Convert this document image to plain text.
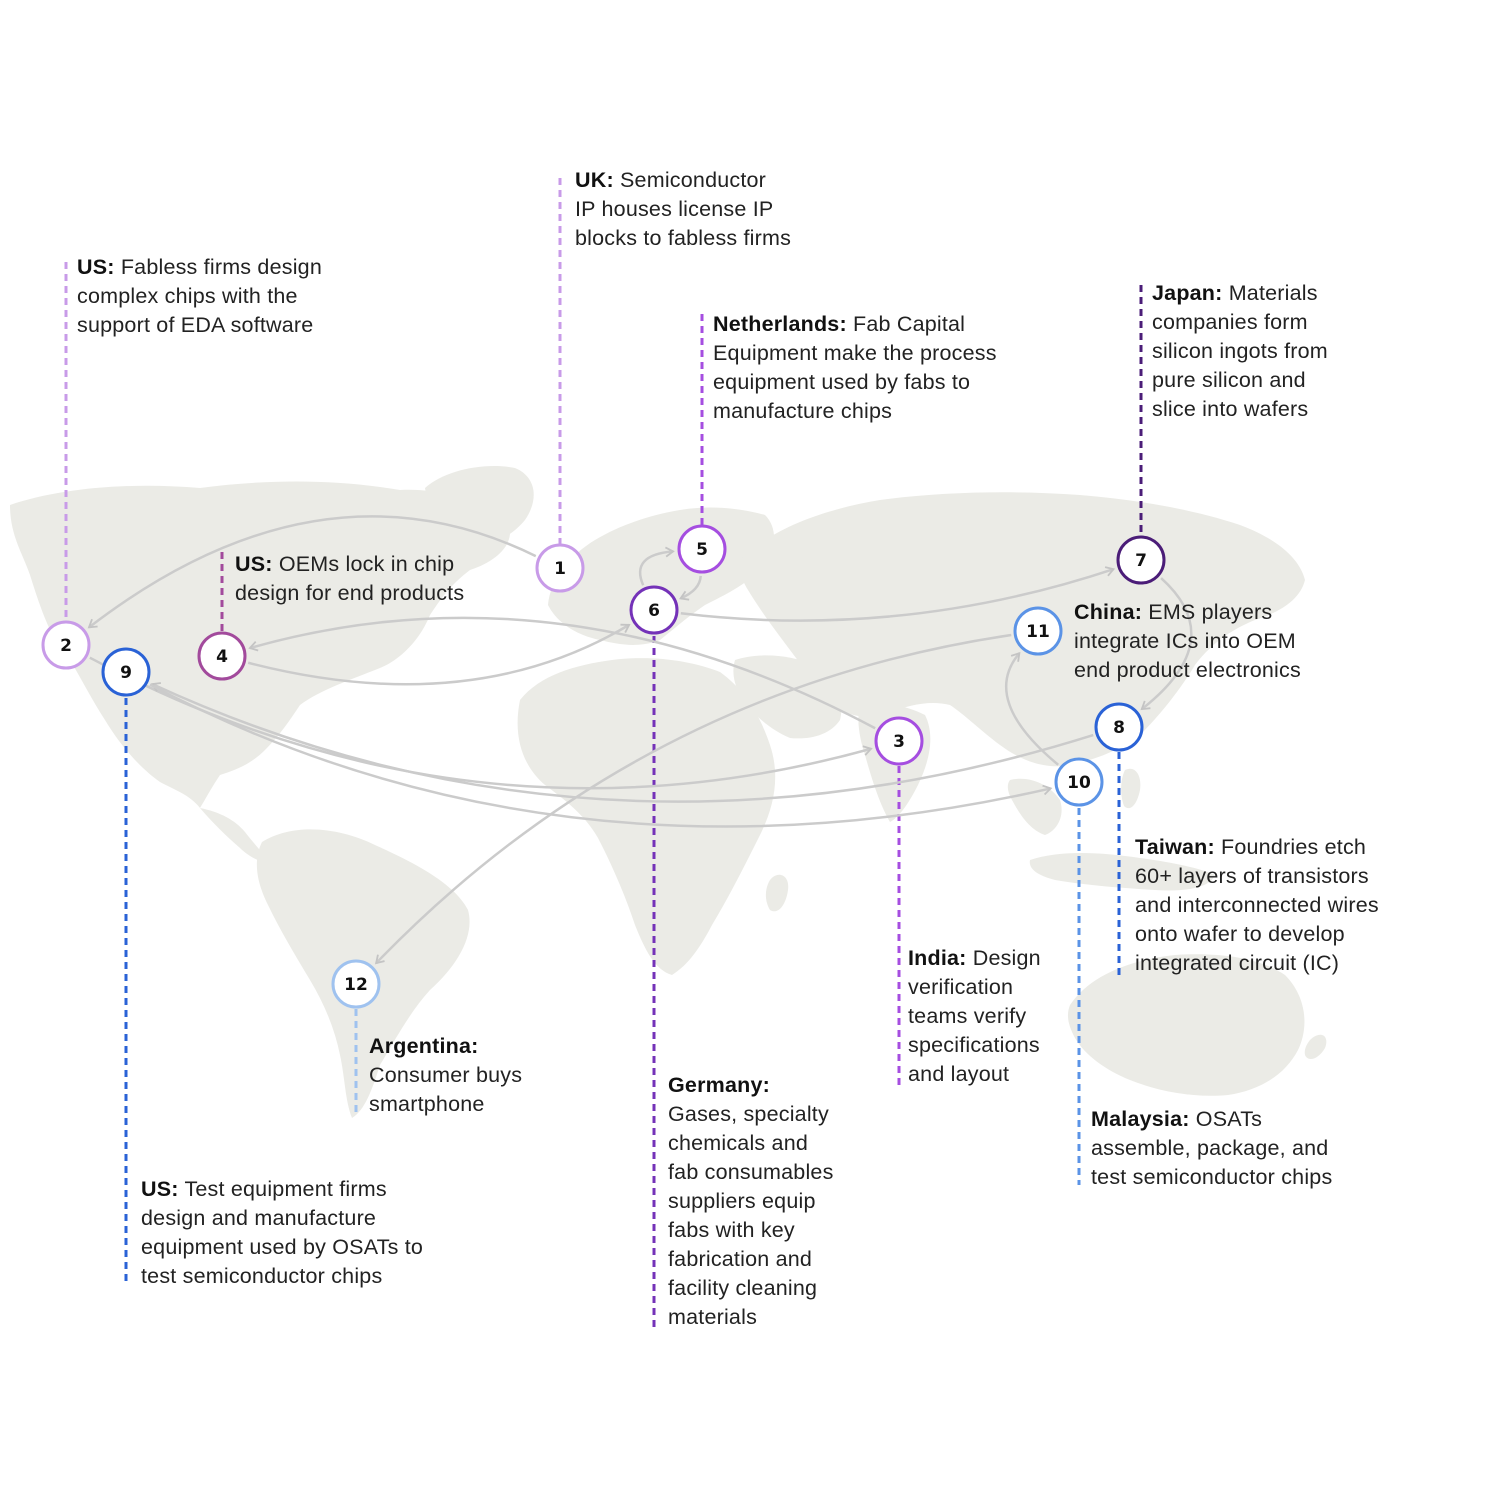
1
2
3
4
5
6
7
8
9
10
11
12
UK: Semiconductor
IP houses license IP
blocks to fabless firms
US: Fabless firms design
complex chips with the
support of EDA software
India: Design
verification
teams verify
specifications
and layout
US: OEMs lock in chip
design for end products
Netherlands: Fab Capital
Equipment make the process
equipment used by fabs to
manufacture chips
Germany:
Gases, specialty
chemicals and
fab consumables
suppliers equip
fabs with key
fabrication and
facility cleaning
materials
Japan: Materials
companies form
silicon ingots from
pure silicon and
slice into wafers
Taiwan: Foundries etch
60+ layers of transistors
and interconnected wires
onto wafer to develop
integrated circuit (IC)
US: Test equipment firms
design and manufacture
equipment used by OSATs to
test semiconductor chips
Malaysia: OSATs
assemble, package, and
test semiconductor chips
China: EMS players
integrate ICs into OEM
end product electronics
Argentina:
Consumer buys
smartphone
